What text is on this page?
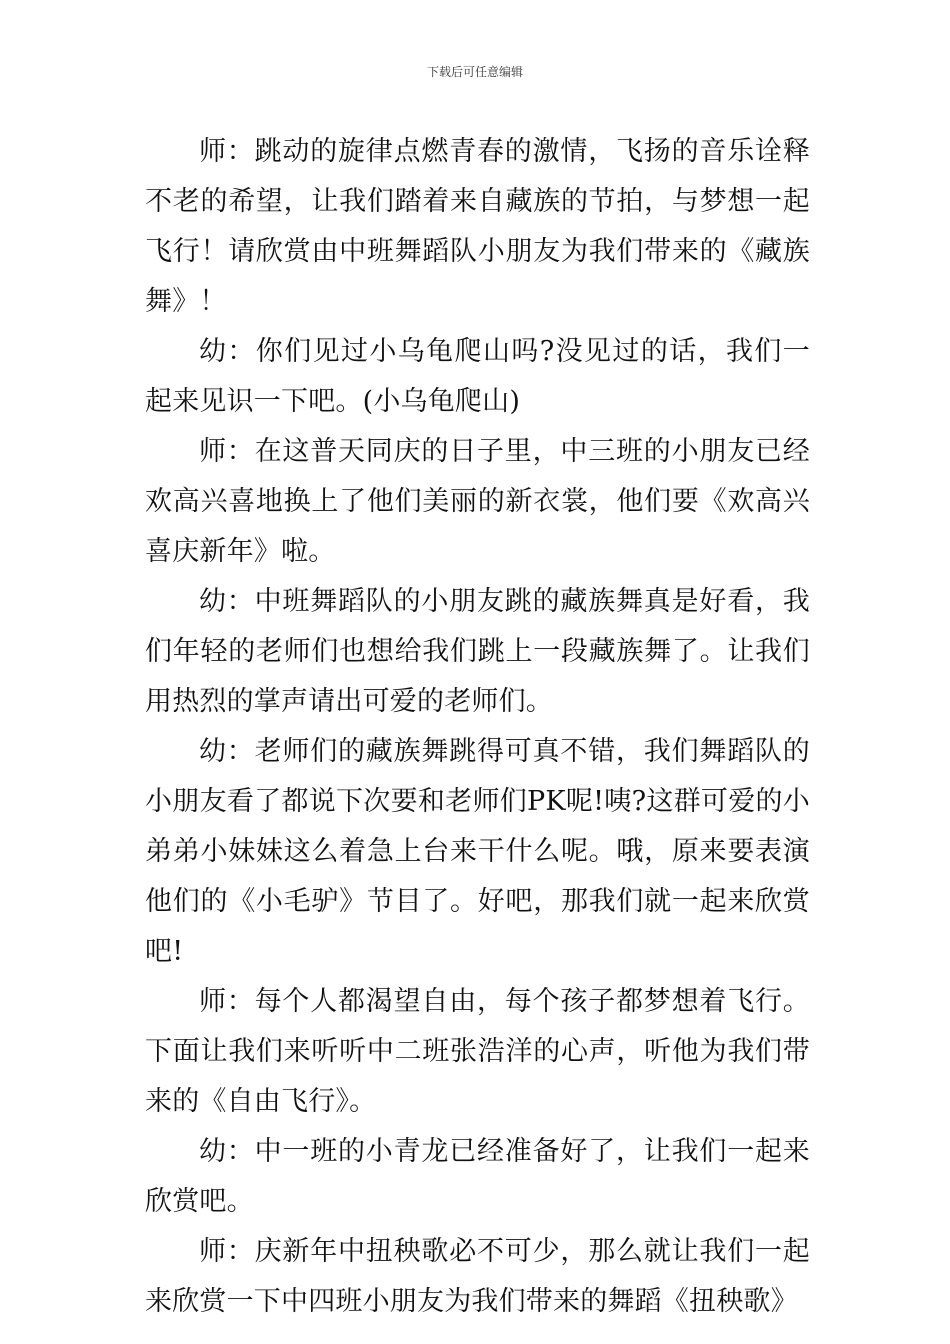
下载后可任意编辑

师：跳动的旋律点燃青春的激情，飞扬的音乐诠释不老的希望，让我们踏着来自藏族的节拍，与梦想一起飞行！请欣赏由中班舞蹈队小朋友为我们带来的《藏族舞》！

幼：你们见过小乌龟爬山吗?没见过的话，我们一起来见识一下吧。(小乌龟爬山)

师：在这普天同庆的日子里，中三班的小朋友已经欢高兴喜地换上了他们美丽的新衣裳，他们要《欢高兴喜庆新年》啦。

幼：中班舞蹈队的小朋友跳的藏族舞真是好看，我们年轻的老师们也想给我们跳上一段藏族舞了。让我们用热烈的掌声请出可爱的老师们。

幼：老师们的藏族舞跳得可真不错，我们舞蹈队的小朋友看了都说下次要和老师们PK呢!咦?这群可爱的小弟弟小妹妹这么着急上台来干什么呢。哦，原来要表演他们的《小毛驴》节目了。好吧，那我们就一起来欣赏吧!

师：每个人都渴望自由，每个孩子都梦想着飞行。下面让我们来听听中二班张浩洋的心声，听他为我们带来的《自由飞行》。

幼：中一班的小青龙已经准备好了，让我们一起来欣赏吧。

师：庆新年中扭秧歌必不可少，那么就让我们一起来欣赏一下中四班小朋友为我们带来的舞蹈《扭秧歌》
